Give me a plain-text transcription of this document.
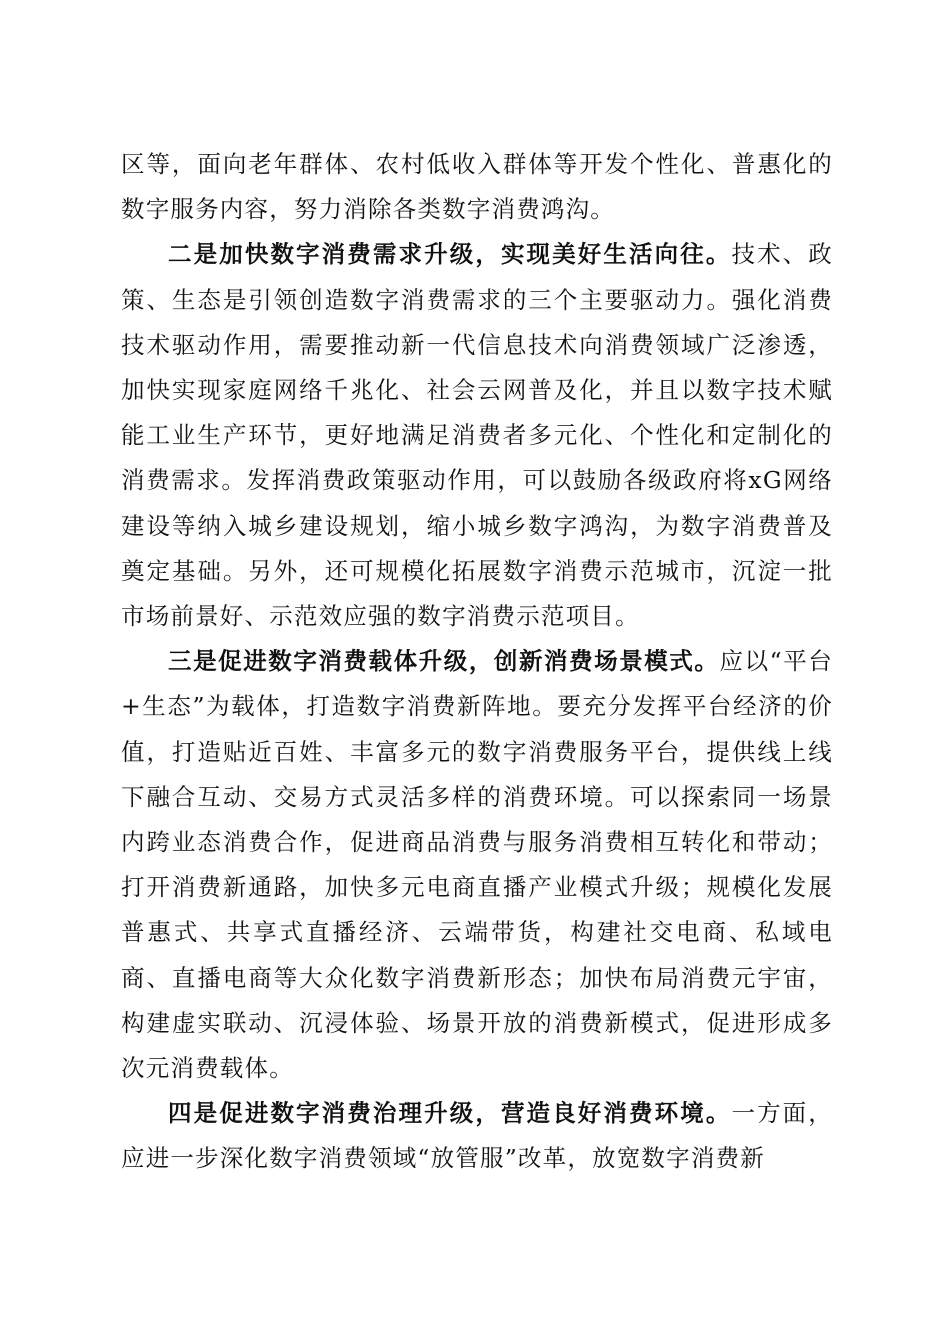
区等，面向老年群体、农村低收入群体等开发个性化、普惠化的数字服务内容，努力消除各类数字消费鸿沟。

二是加快数字消费需求升级，实现美好生活向往。技术、政策、生态是引领创造数字消费需求的三个主要驱动力。强化消费技术驱动作用，需要推动新一代信息技术向消费领域广泛渗透，加快实现家庭网络千兆化、社会云网普及化，并且以数字技术赋能工业生产环节，更好地满足消费者多元化、个性化和定制化的消费需求。发挥消费政策驱动作用，可以鼓励各级政府将xG网络建设等纳入城乡建设规划，缩小城乡数字鸿沟，为数字消费普及奠定基础。另外，还可规模化拓展数字消费示范城市，沉淀一批市场前景好、示范效应强的数字消费示范项目。

三是促进数字消费载体升级，创新消费场景模式。应以“平台+生态”为载体，打造数字消费新阵地。要充分发挥平台经济的价值，打造贴近百姓、丰富多元的数字消费服务平台，提供线上线下融合互动、交易方式灵活多样的消费环境。可以探索同一场景内跨业态消费合作，促进商品消费与服务消费相互转化和带动；打开消费新通路，加快多元电商直播产业模式升级；规模化发展普惠式、共享式直播经济、云端带货，构建社交电商、私域电商、直播电商等大众化数字消费新形态；加快布局消费元宇宙，构建虚实联动、沉浸体验、场景开放的消费新模式，促进形成多次元消费载体。

四是促进数字消费治理升级，营造良好消费环境。一方面，应进一步深化数字消费领域“放管服”改革，放宽数字消费新
